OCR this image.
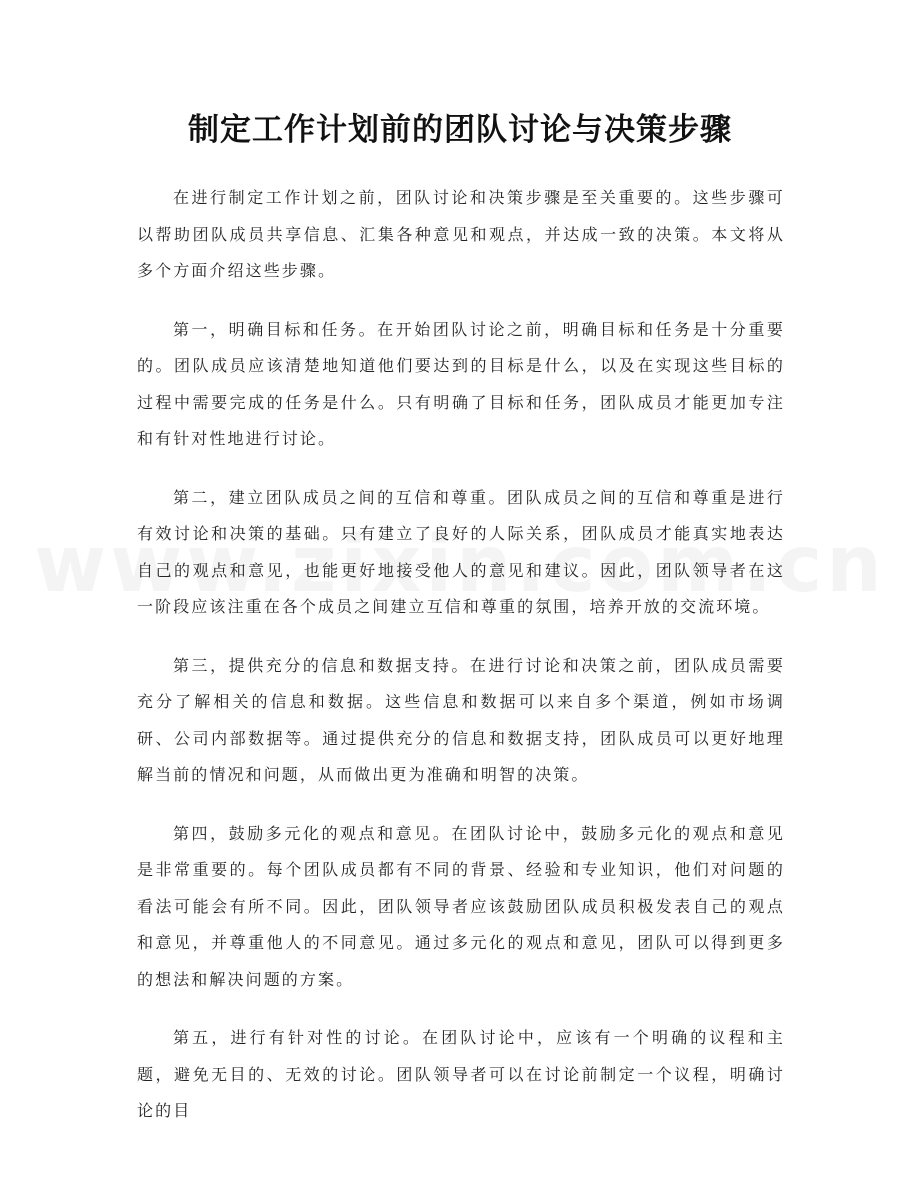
制定工作计划前的团队讨论与决策步骤

在进行制定工作计划之前，团队讨论和决策步骤是至关重要的。这些步骤可以帮助团队成员共享信息、汇集各种意见和观点，并达成一致的决策。本文将从多个方面介绍这些步骤。

第一，明确目标和任务。在开始团队讨论之前，明确目标和任务是十分重要的。团队成员应该清楚地知道他们要达到的目标是什么，以及在实现这些目标的过程中需要完成的任务是什么。只有明确了目标和任务，团队成员才能更加专注和有针对性地进行讨论。

第二，建立团队成员之间的互信和尊重。团队成员之间的互信和尊重是进行有效讨论和决策的基础。只有建立了良好的人际关系，团队成员才能真实地表达自己的观点和意见，也能更好地接受他人的意见和建议。因此，团队领导者在这一阶段应该注重在各个成员之间建立互信和尊重的氛围，培养开放的交流环境。

第三，提供充分的信息和数据支持。在进行讨论和决策之前，团队成员需要充分了解相关的信息和数据。这些信息和数据可以来自多个渠道，例如市场调研、公司内部数据等。通过提供充分的信息和数据支持，团队成员可以更好地理解当前的情况和问题，从而做出更为准确和明智的决策。

第四，鼓励多元化的观点和意见。在团队讨论中，鼓励多元化的观点和意见是非常重要的。每个团队成员都有不同的背景、经验和专业知识，他们对问题的看法可能会有所不同。因此，团队领导者应该鼓励团队成员积极发表自己的观点和意见，并尊重他人的不同意见。通过多元化的观点和意见，团队可以得到更多的想法和解决问题的方案。

第五，进行有针对性的讨论。在团队讨论中，应该有一个明确的议程和主题，避免无目的、无效的讨论。团队领导者可以在讨论前制定一个议程，明确讨论的目
